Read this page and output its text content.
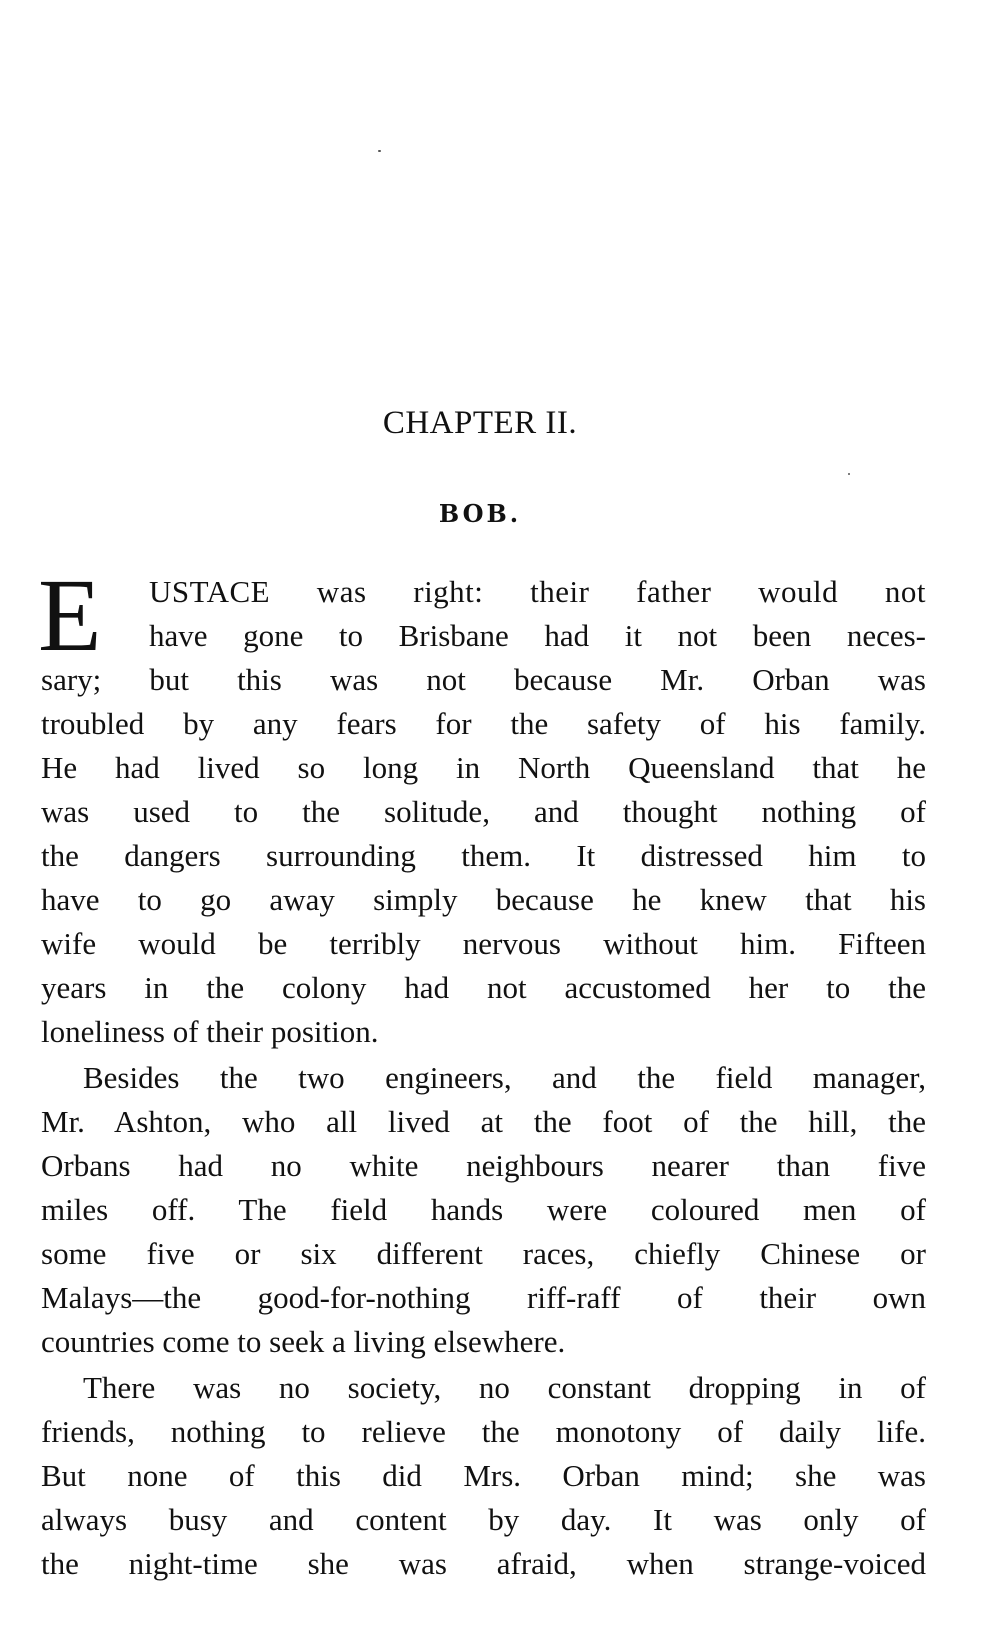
CHAPTER II.
BOB.
E	USTACE was right: their father would not
have gone to Brisbane had it not been neces-
sary; but this was not because Mr. Orban was
troubled by any fears for the safety of his family.
He had lived so long in North Queensland that he
was used to the solitude, and thought nothing of
the dangers surrounding them. It distressed him to
have to go away simply because he knew that his
wife would be terribly nervous without him. Fifteen
years in the colony had not accustomed her to the
loneliness of their position.
Besides the two engineers, and the field manager,
Mr. Ashton, who all lived at the foot of the hill, the
Orbans had no white neighbours nearer than five
miles off. The field hands were coloured men of
some five or six different races, chiefly Chinese or
Malays—the good-for-nothing riff-raff of their own
countries come to seek a living elsewhere.
There was no society, no constant dropping in of
friends, nothing to relieve the monotony of daily life.
But none of this did Mrs. Orban mind; she was
always busy and content by day. It was only of
the night-time she was afraid, when strange-voiced
